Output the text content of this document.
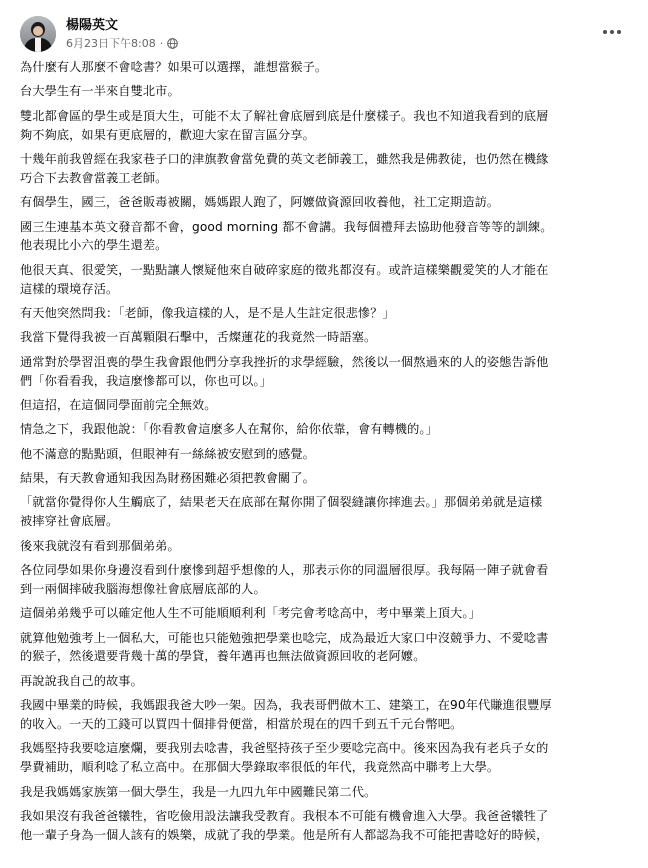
楊陽英文
6月23日下午8:08 ·

為什麼有人那麼不會唸書？如果可以選擇，誰想當猴子。

台大學生有一半來自雙北市。

雙北都會區的學生或是頂大生，可能不太了解社會底層到底是什麼樣子。我也不知道我看到的底層
夠不夠底，如果有更底層的，歡迎大家在留言區分享。

十幾年前我曾經在我家巷子口的津旗教會當免費的英文老師義工，雖然我是佛教徒，也仍然在機緣
巧合下去教會當義工老師。

有個學生，國三，爸爸販毒被關，媽媽跟人跑了，阿嬤做資源回收養他，社工定期造訪。

國三生連基本英文發音都不會，good morning 都不會講。我每個禮拜去協助他發音等等的訓練。
他表現比小六的學生還差。

他很天真、很愛笑，一點點讓人懷疑他來自破碎家庭的徵兆都沒有。或許這樣樂觀愛笑的人才能在
這樣的環境存活。

有天他突然問我：「老師，像我這樣的人，是不是人生註定很悲慘？」

我當下覺得我被一百萬顆隕石擊中，舌燦蓮花的我竟然一時語塞。

通常對於學習沮喪的學生我會跟他們分享我挫折的求學經驗，然後以一個熬過來的人的姿態告訴他
們「你看看我，我這麼慘都可以，你也可以。」

但這招，在這個同學面前完全無效。

情急之下，我跟他說：「你看教會這麼多人在幫你，給你依靠，會有轉機的。」

他不滿意的點點頭，但眼神有一絲絲被安慰到的感覺。

結果，有天教會通知我因為財務困難必須把教會關了。

「就當你覺得你人生觸底了，結果老天在底部在幫你開了個裂縫讓你摔進去。」那個弟弟就是這樣
被摔穿社會底層。

後來我就沒有看到那個弟弟。

各位同學如果你身邊沒看到什麼慘到超乎想像的人，那表示你的同溫層很厚。我每隔一陣子就會看
到一兩個摔破我腦海想像社會底層底部的人。

這個弟弟幾乎可以確定他人生不可能順順利利「考完會考唸高中，考中畢業上頂大。」

就算他勉強考上一個私大，可能也只能勉強把學業也唸完，成為最近大家口中沒競爭力、不愛唸書
的猴子，然後還要背幾十萬的學貸，養年邁再也無法做資源回收的老阿嬤。

再說說我自己的故事。

我國中畢業的時候，我媽跟我爸大吵一架。因為，我表哥們做木工、建築工，在90年代賺進很豐厚
的收入。一天的工錢可以買四十個排骨便當，相當於現在的四千到五千元台幣吧。

我媽堅持我要唸這麼爛，要我別去唸書，我爸堅持孩子至少要唸完高中。後來因為我有老兵子女的
學費補助，順利唸了私立高中。在那個大學錄取率很低的年代，我竟然高中聯考上大學。

我是我媽媽家族第一個大學生，我是一九四九年中國難民第二代。

我如果沒有我爸爸犧牲，省吃儉用設法讓我受教育。我根本不可能有機會進入大學。我爸爸犧牲了
他一輩子身為一個人該有的娛樂，成就了我的學業。他是所有人都認為我不可能把書唸好的時候，
